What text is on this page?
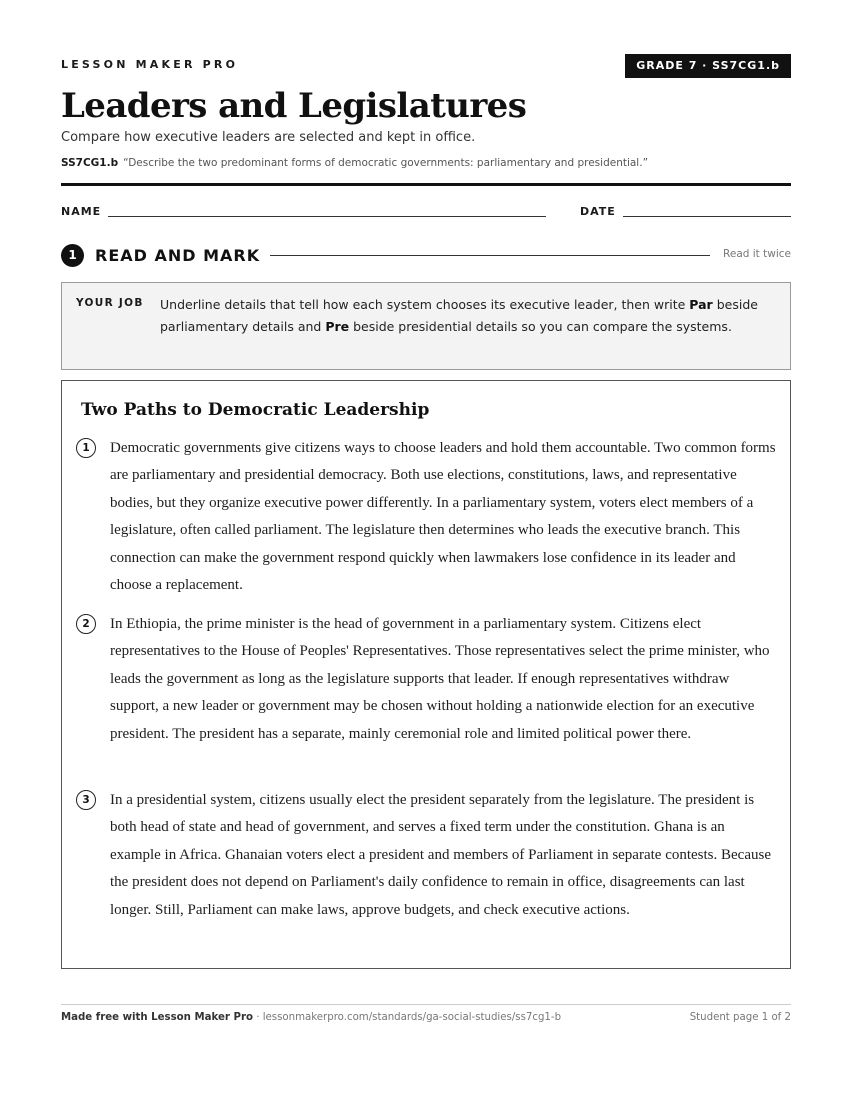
LESSON MAKER PRO	GRADE 7 · SS7CG1.b
Leaders and Legislatures
Compare how executive leaders are selected and kept in office.
SS7CG1.b “Describe the two predominant forms of democratic governments: parliamentary and presidential.”
NAME	DATE
1	READ AND MARK	Read it twice
YOUR JOB Underline details that tell how each system chooses its executive leader, then write Par beside parliamentary details and Pre beside presidential details so you can compare the systems.
Two Paths to Democratic Leadership
1	Democratic governments give citizens ways to choose leaders and hold them accountable. Two common forms are parliamentary and presidential democracy. Both use elections, constitutions, laws, and representative bodies, but they organize executive power differently. In a parliamentary system, voters elect members of a legislature, often called parliament. The legislature then determines who leads the executive branch. This connection can make the government respond quickly when lawmakers lose confidence in its leader and choose a replacement.

2	In Ethiopia, the prime minister is the head of government in a parliamentary system. Citizens elect representatives to the House of Peoples' Representatives. Those representatives select the prime minister, who leads the government as long as the legislature supports that leader. If enough representatives withdraw support, a new leader or government may be chosen without holding a nationwide election for an executive president. The president has a separate, mainly ceremonial role and limited political power there.

3	In a presidential system, citizens usually elect the president separately from the legislature. The president is both head of state and head of government, and serves a fixed term under the constitution. Ghana is an example in Africa. Ghanaian voters elect a president and members of Parliament in separate contests. Because the president does not depend on Parliament's daily confidence to remain in office, disagreements can last longer. Still, Parliament can make laws, approve budgets, and check executive actions.

Made free with Lesson Maker Pro · lessonmakerpro.com/standards/ga-social-studies/ss7cg1-b	Student page 1 of 2
